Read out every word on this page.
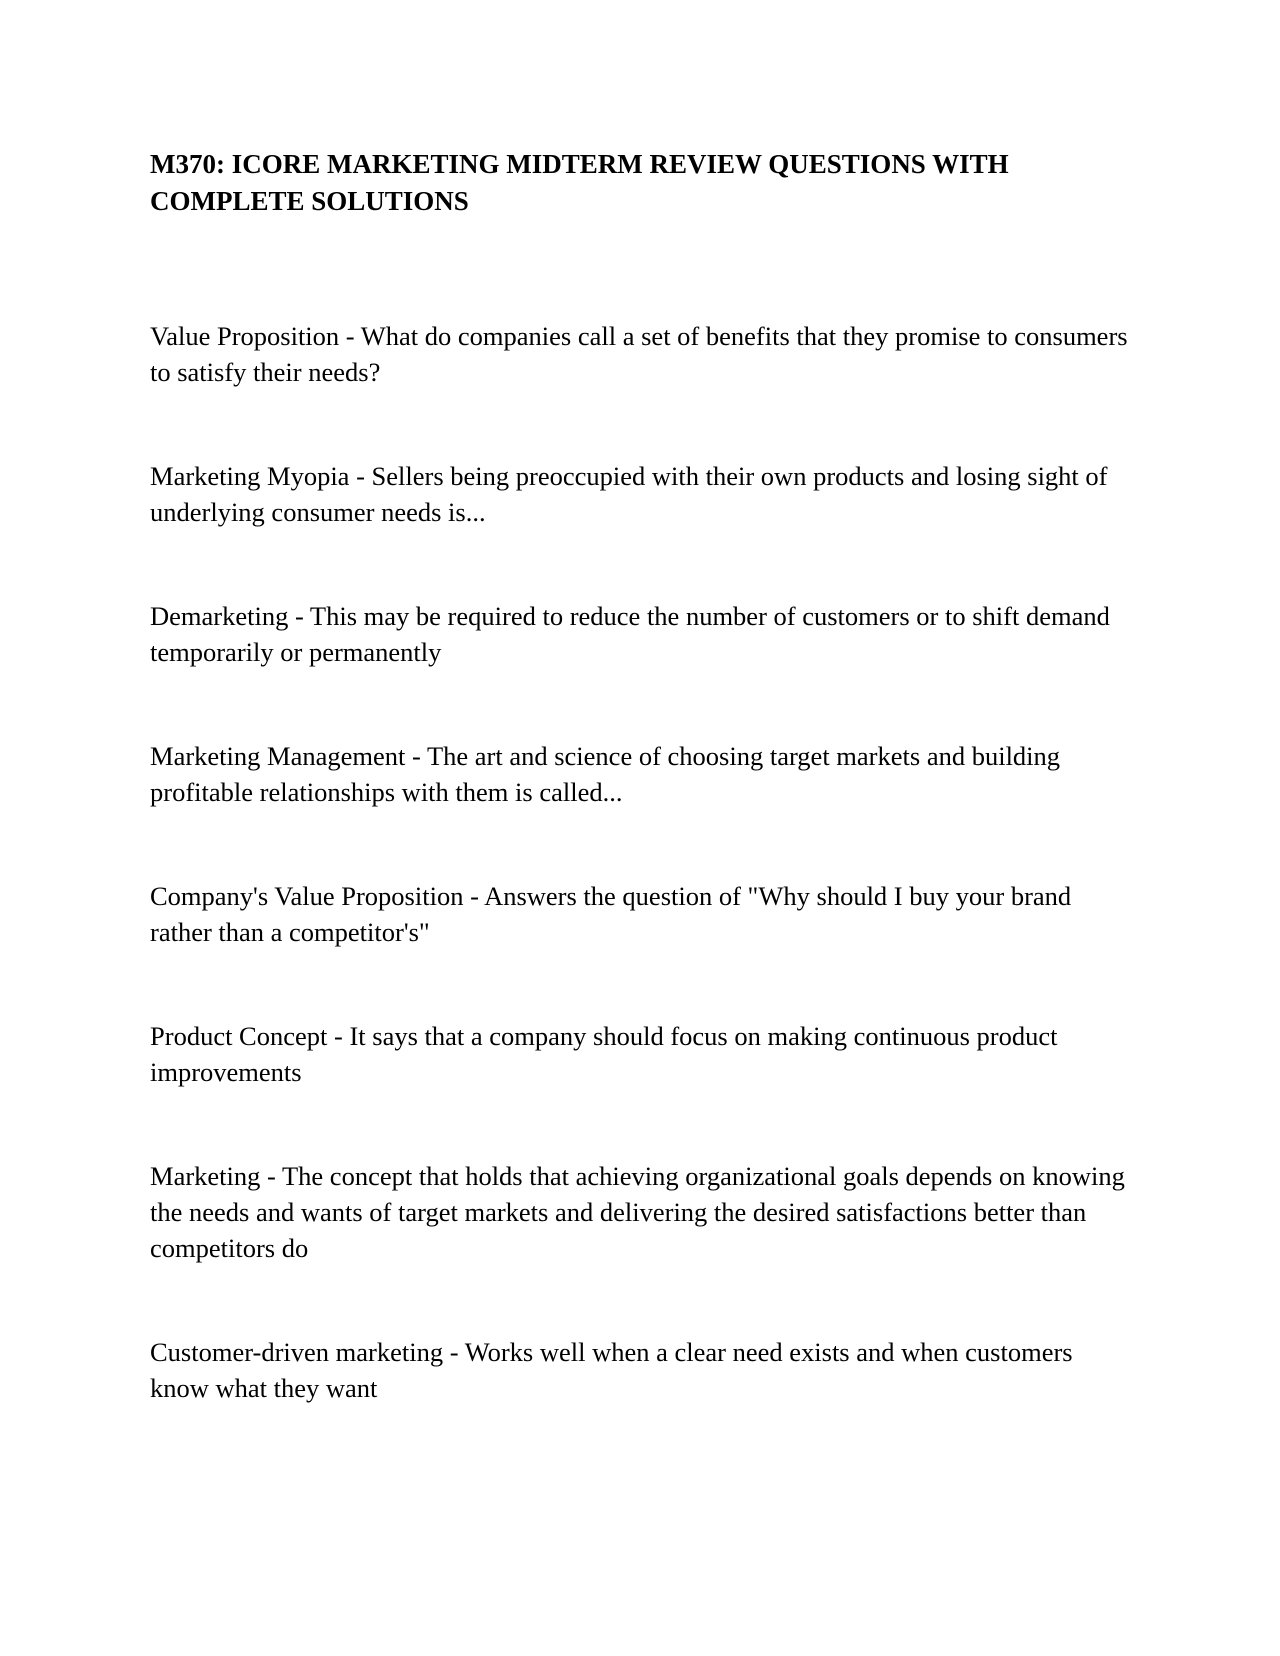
M370: ICORE MARKETING MIDTERM REVIEW QUESTIONS WITH COMPLETE SOLUTIONS

Value Proposition - What do companies call a set of benefits that they promise to consumers to satisfy their needs?

Marketing Myopia - Sellers being preoccupied with their own products and losing sight of underlying consumer needs is...

Demarketing - This may be required to reduce the number of customers or to shift demand temporarily or permanently

Marketing Management - The art and science of choosing target markets and building profitable relationships with them is called...

Company's Value Proposition - Answers the question of "Why should I buy your brand rather than a competitor's"

Product Concept - It says that a company should focus on making continuous product improvements

Marketing - The concept that holds that achieving organizational goals depends on knowing the needs and wants of target markets and delivering the desired satisfactions better than competitors do

Customer-driven marketing - Works well when a clear need exists and when customers know what they want
